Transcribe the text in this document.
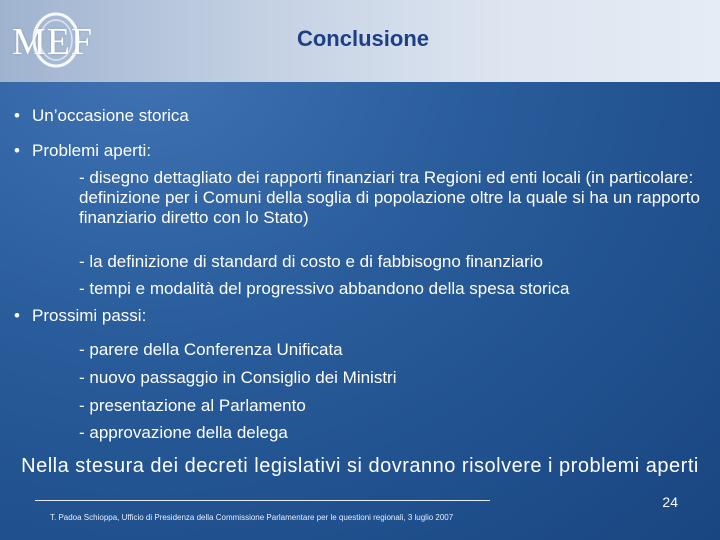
MEF	Conclusione
• Un’occasione storica
• Problemi aperti:
- disegno dettagliato dei rapporti finanziari tra Regioni ed enti locali (in particolare: definizione per i Comuni della soglia di popolazione oltre la quale si ha un rapporto finanziario diretto con lo Stato)
- la definizione di standard di costo e di fabbisogno finanziario
- tempi e modalità del progressivo abbandono della spesa storica
• Prossimi passi:
- parere della Conferenza Unificata
- nuovo passaggio in Consiglio dei Ministri
- presentazione al Parlamento
- approvazione della delega
Nella stesura dei decreti legislativi si dovranno risolvere i problemi aperti
24
T. Padoa Schioppa, Ufficio di Presidenza della Commissione Parlamentare per le questioni regionali, 3 luglio 2007
